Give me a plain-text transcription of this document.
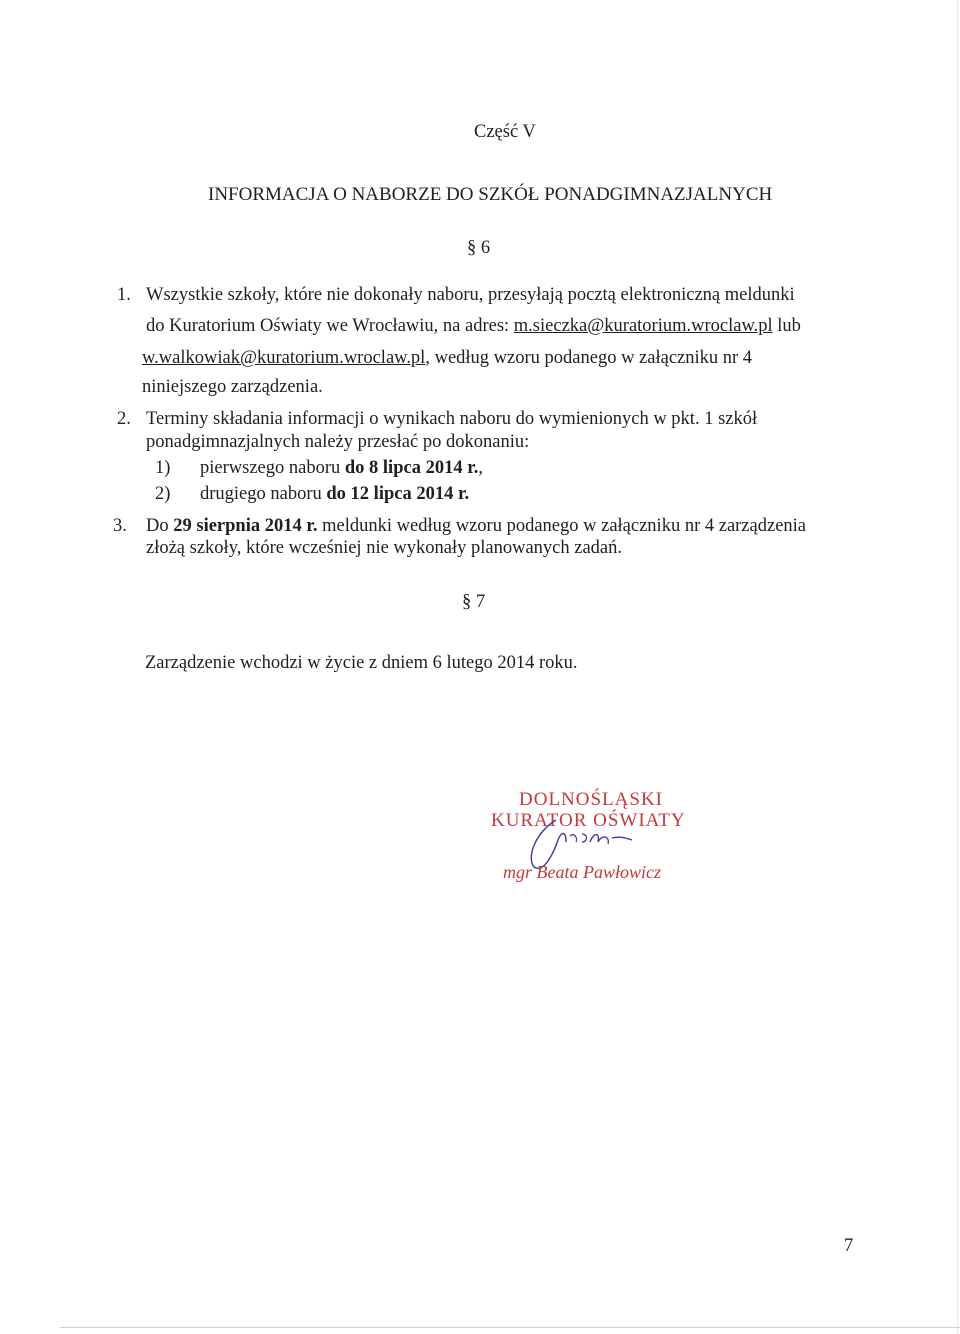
Część V
INFORMACJA O NABORZE DO SZKÓŁ PONADGIMNAZJALNYCH
§ 6
1. Wszystkie szkoły, które nie dokonały naboru, przesyłają pocztą elektroniczną meldunki
do Kuratorium Oświaty we Wrocławiu, na adres: m.sieczka@kuratorium.wroclaw.pl lub
w.walkowiak@kuratorium.wroclaw.pl, według wzoru podanego w załączniku nr 4
niniejszego zarządzenia.
2. Terminy składania informacji o wynikach naboru do wymienionych w pkt. 1 szkół
ponadgimnazjalnych należy przesłać po dokonaniu:
1) pierwszego naboru do 8 lipca 2014 r.,
2) drugiego naboru do 12 lipca 2014 r.
3. Do 29 sierpnia 2014 r. meldunki według wzoru podanego w załączniku nr 4 zarządzenia
złożą szkoły, które wcześniej nie wykonały planowanych zadań.
§ 7
Zarządzenie wchodzi w życie z dniem 6 lutego 2014 roku.
DOLNOŚLĄSKI
KURATOR OŚWIATY
mgr Beata Pawłowicz
7
